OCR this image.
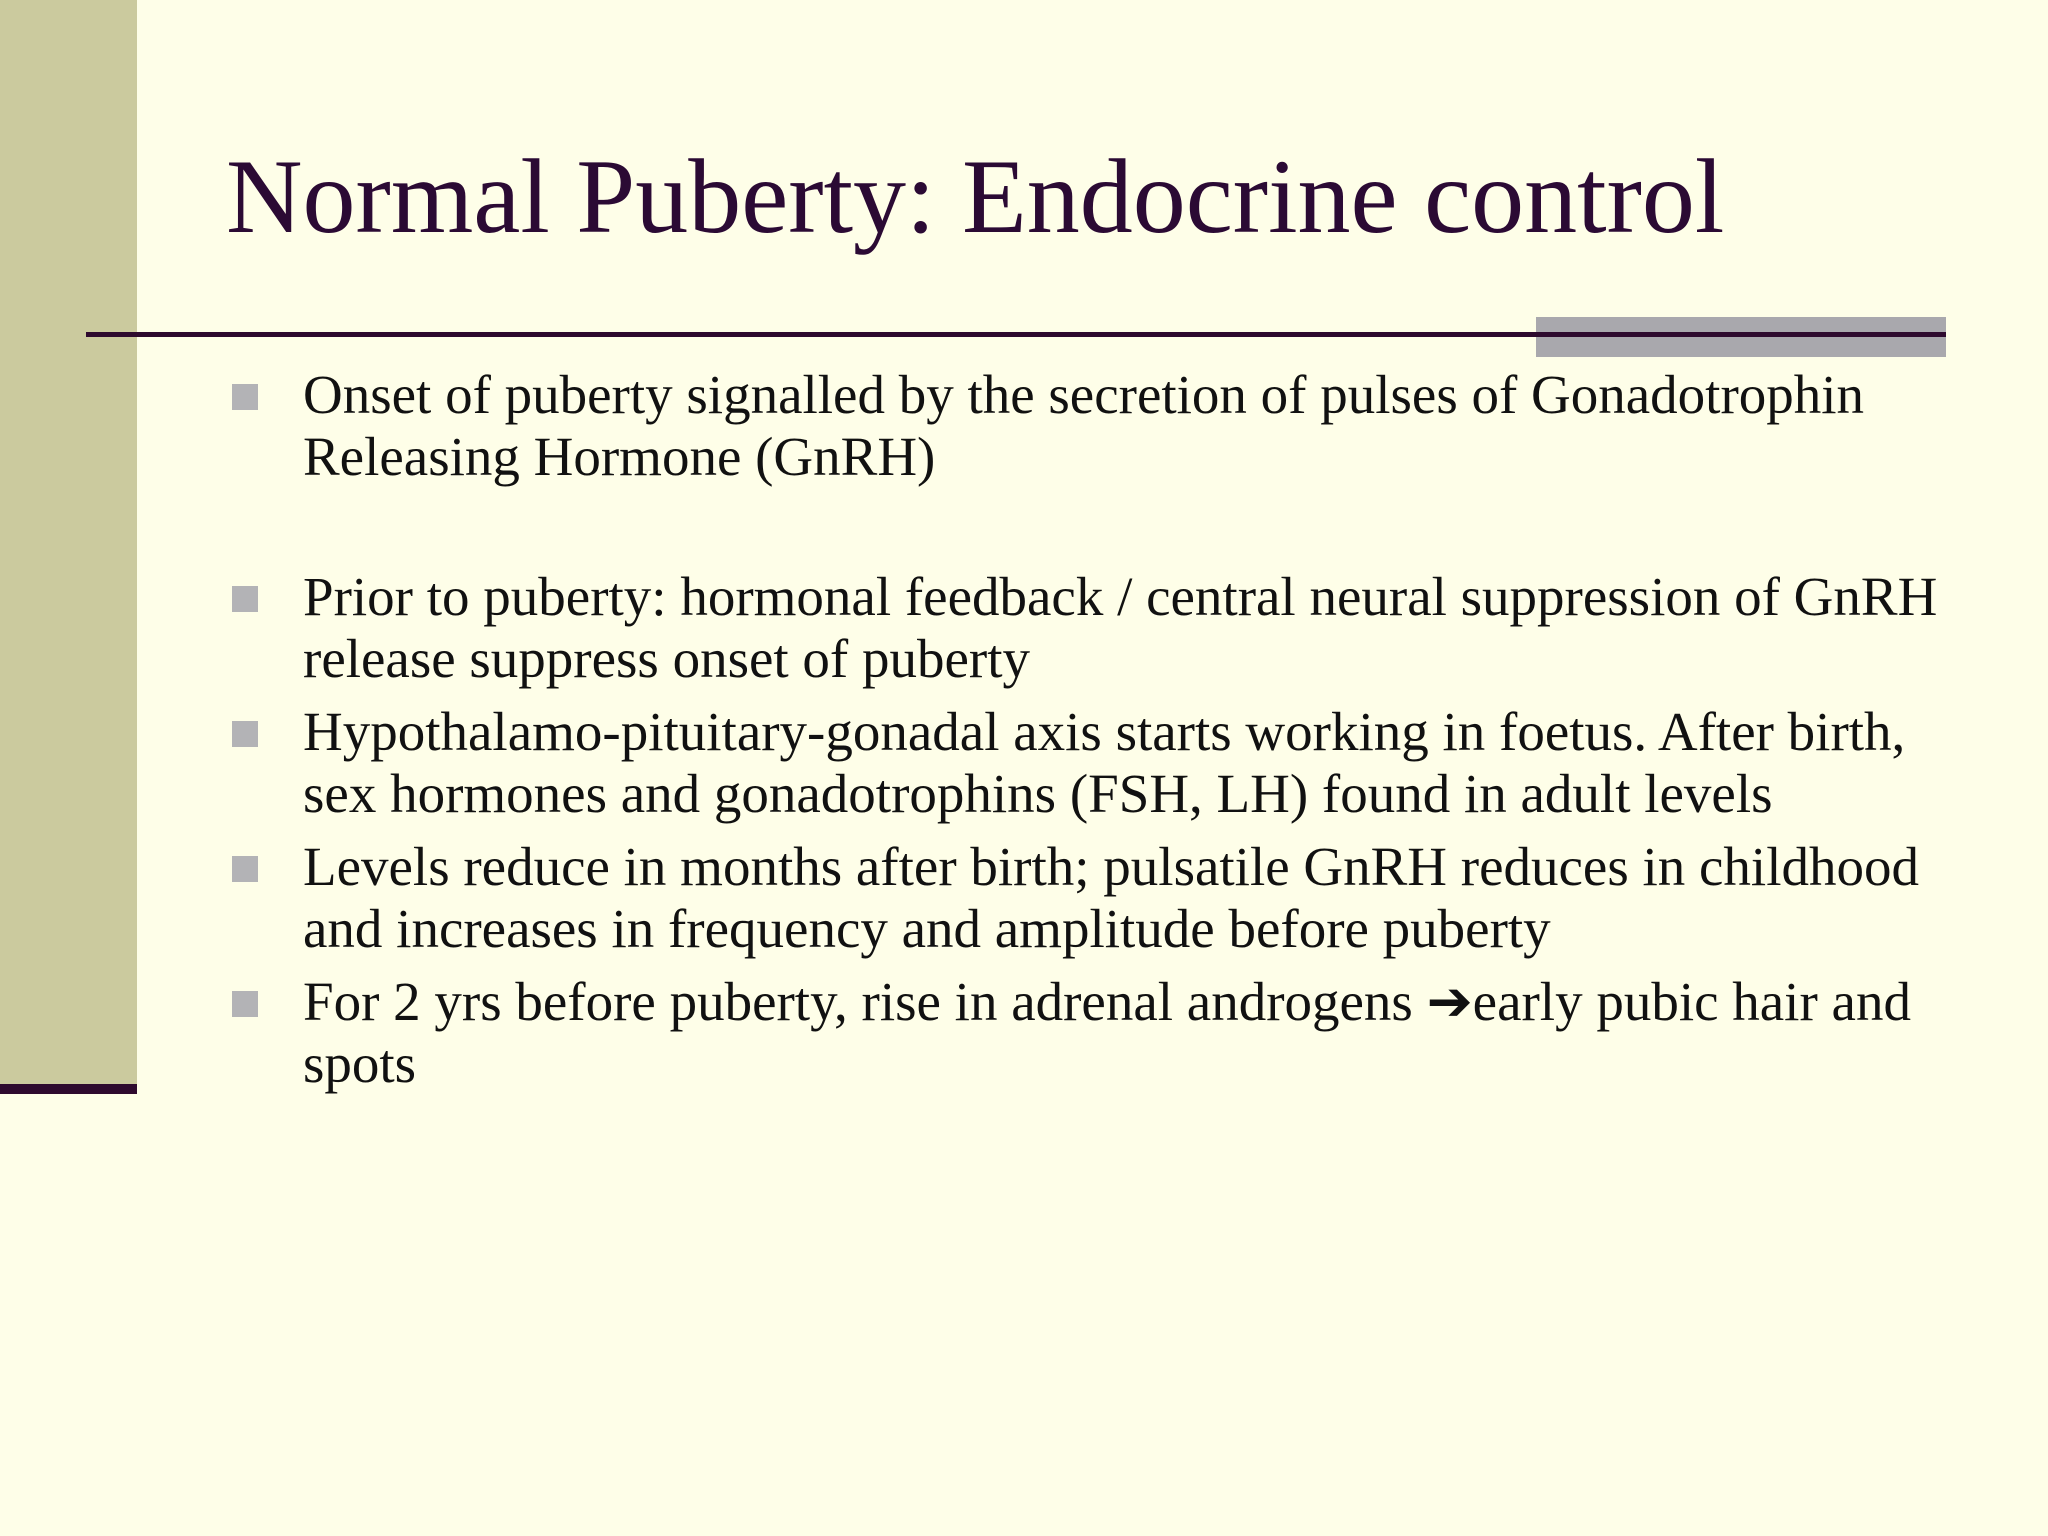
Normal Puberty: Endocrine control
Onset of puberty signalled by the secretion of pulses of Gonadotrophin Releasing Hormone (GnRH)
Prior to puberty: hormonal feedback / central neural suppression of GnRH release suppress onset of puberty
Hypothalamo-pituitary-gonadal axis starts working in foetus. After birth, sex hormones and gonadotrophins (FSH, LH) found in adult levels
Levels reduce in months after birth; pulsatile GnRH reduces in childhood and increases in frequency and amplitude before puberty
For 2 yrs before puberty, rise in adrenal androgens ➔early pubic hair and spots
